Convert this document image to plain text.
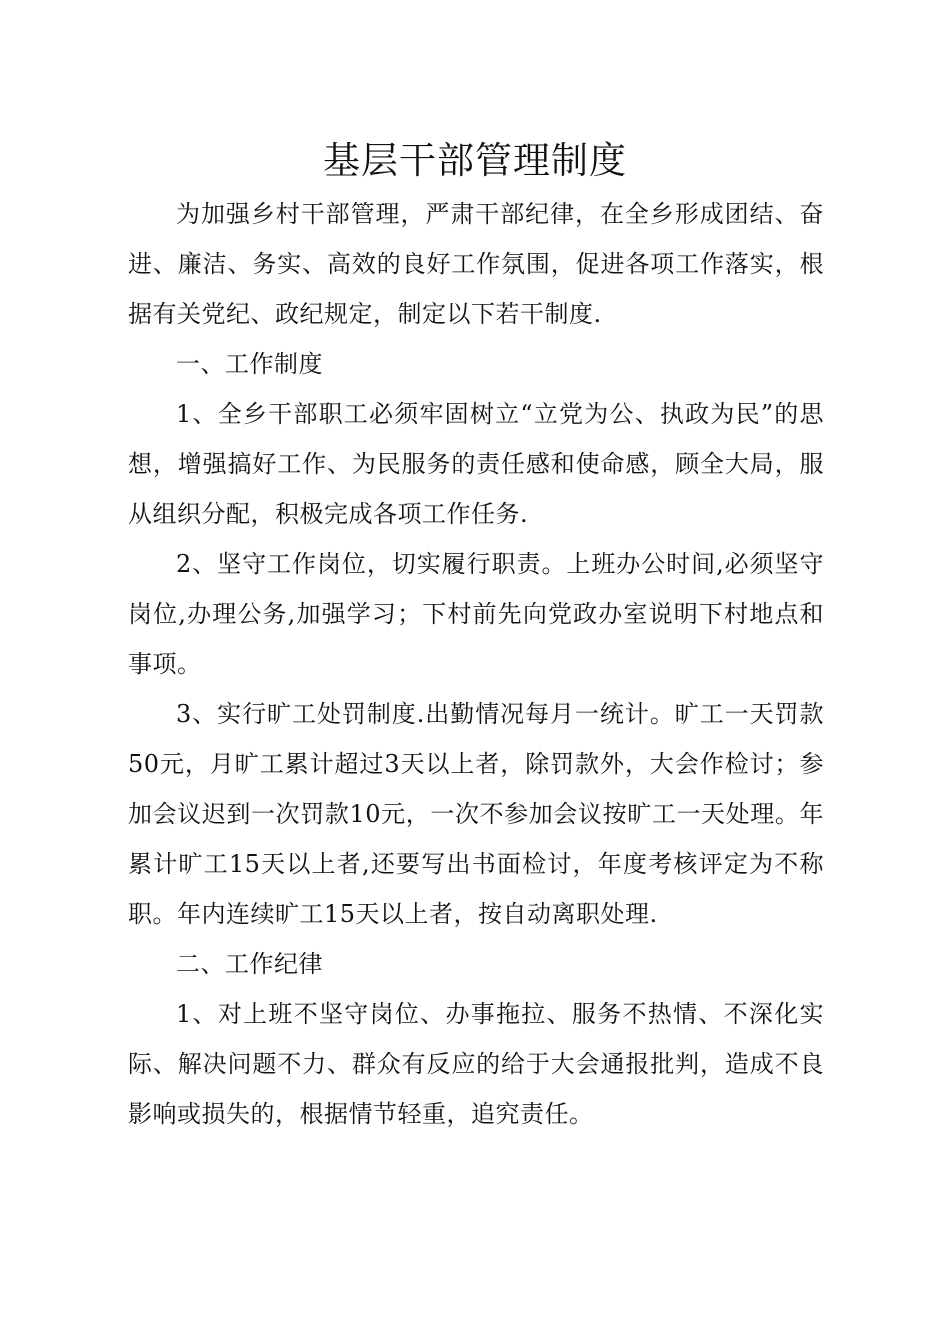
基层干部管理制度

为加强乡村干部管理，严肃干部纪律，在全乡形成团结、奋进、廉洁、务实、高效的良好工作氛围，促进各项工作落实，根据有关党纪、政纪规定，制定以下若干制度.

一、工作制度

1、全乡干部职工必须牢固树立“立党为公、执政为民”的思想，增强搞好工作、为民服务的责任感和使命感，顾全大局，服从组织分配，积极完成各项工作任务.

2、坚守工作岗位，切实履行职责。上班办公时间,必须坚守岗位,办理公务,加强学习；下村前先向党政办室说明下村地点和事项。

3、实行旷工处罚制度.出勤情况每月一统计。旷工一天罚款50元，月旷工累计超过3天以上者，除罚款外，大会作检讨；参加会议迟到一次罚款10元，一次不参加会议按旷工一天处理。年累计旷工15天以上者,还要写出书面检讨，年度考核评定为不称职。年内连续旷工15天以上者，按自动离职处理.

二、工作纪律

1、对上班不坚守岗位、办事拖拉、服务不热情、不深化实际、解决问题不力、群众有反应的给于大会通报批判，造成不良影响或损失的，根据情节轻重，追究责任。
